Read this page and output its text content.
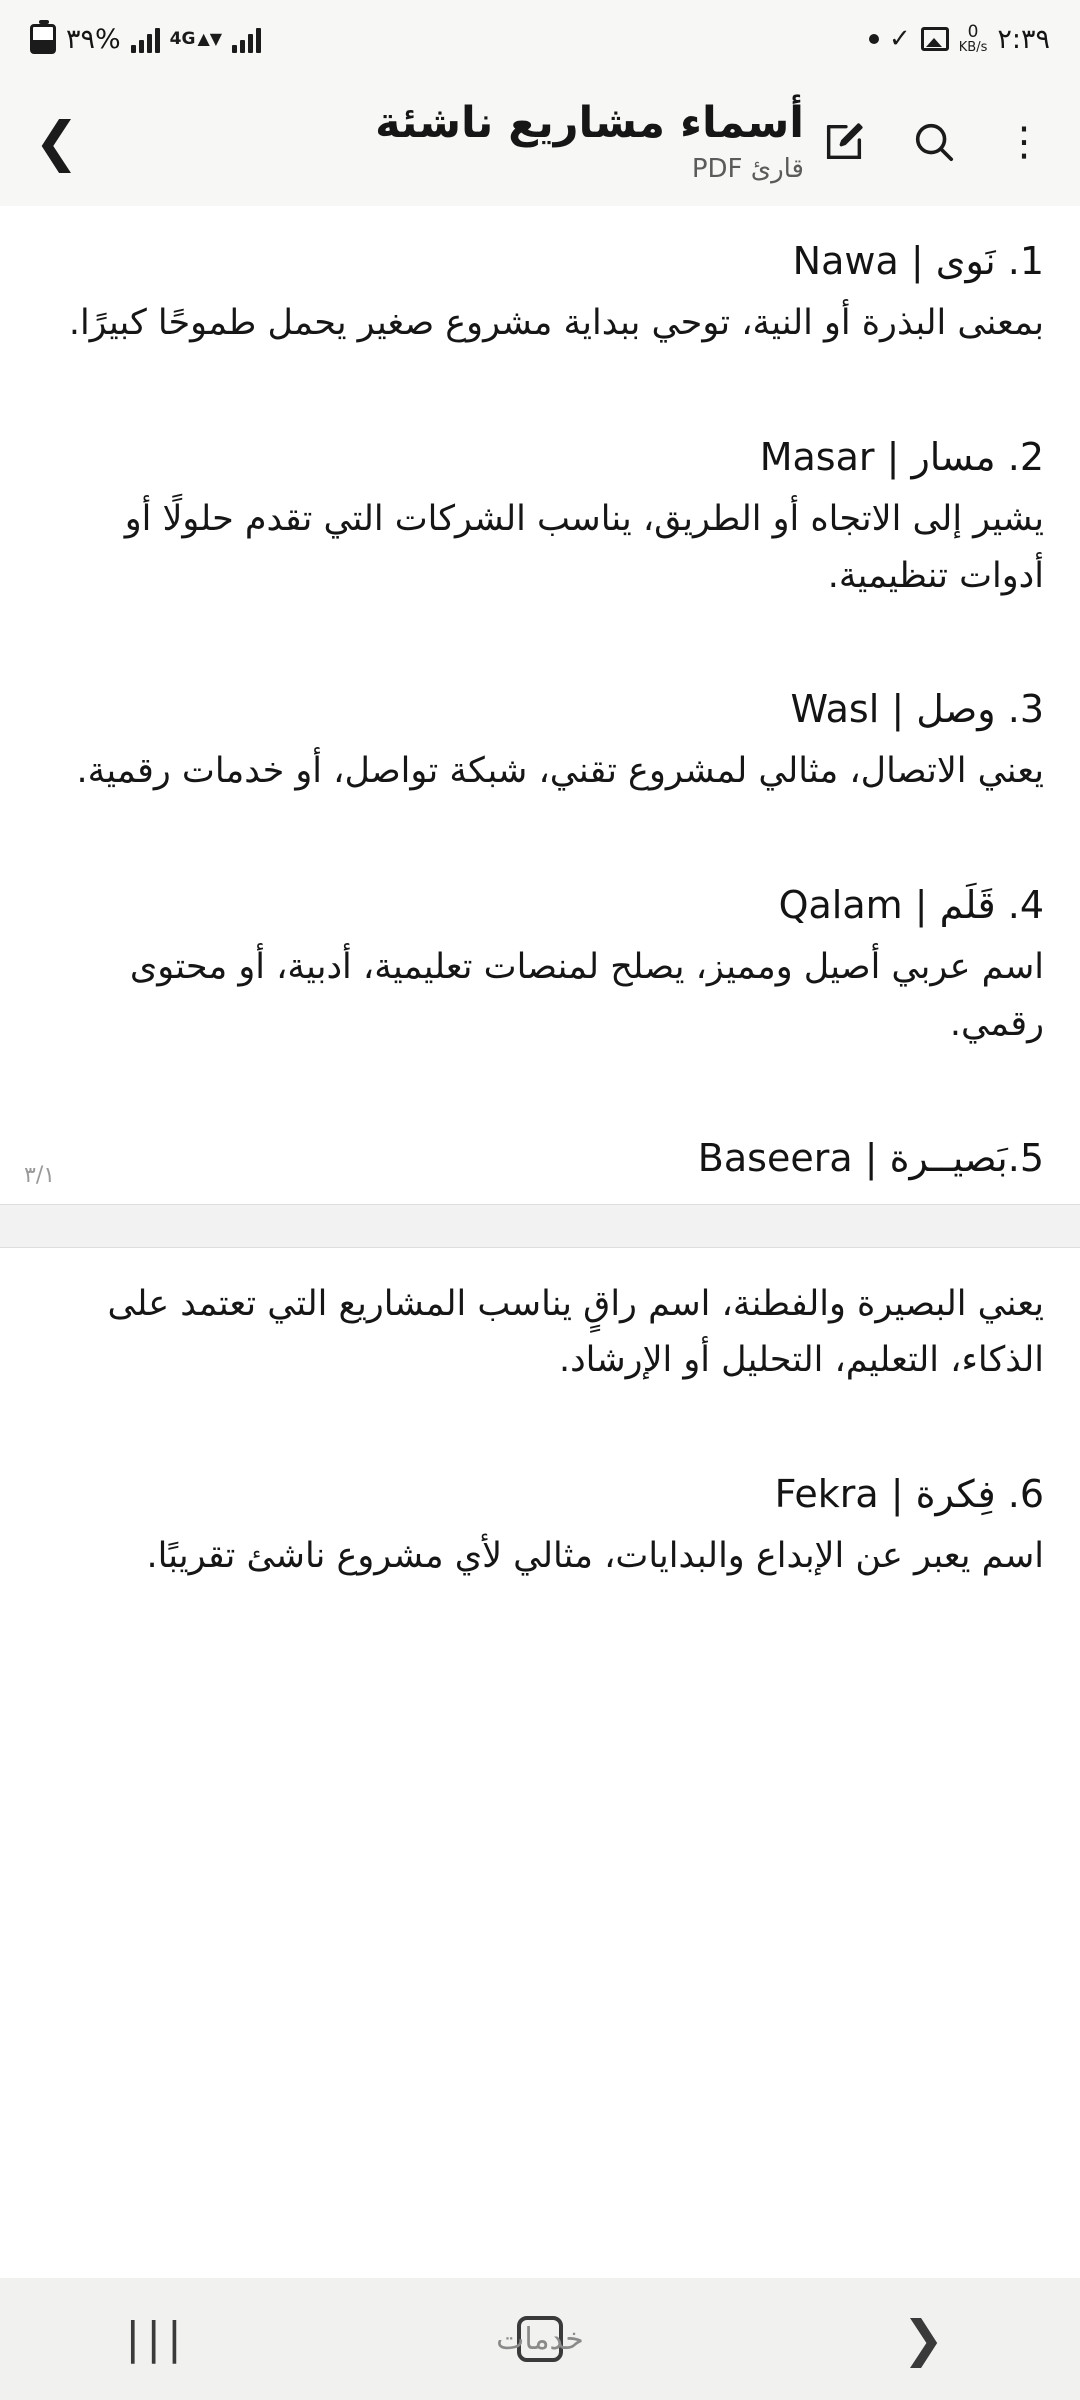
٣٩%	4G ▲▼	✓	0
KB/s ٢:٣٩
⋮
أسماء مشاريع ناشئة
قارئ PDF
❯
1. نَوى | Nawa
بمعنى البذرة أو النية، توحي ببداية مشروع صغير يحمل طموحًا كبيرًا.
2. مسار | Masar
يشير إلى الاتجاه أو الطريق، يناسب الشركات التي تقدم حلولًا أو أدوات تنظيمية.
3. وصل | Wasl
يعني الاتصال، مثالي لمشروع تقني، شبكة تواصل، أو خدمات رقمية.
4. قَلَم | Qalam
اسم عربي أصيل ومميز، يصلح لمنصات تعليمية، أدبية، أو محتوى رقمي.
5.بَصيــرة | Baseera
٣/١
يعني البصيرة والفطنة، اسم راقٍ يناسب المشاريع التي تعتمد على الذكاء، التعليم، التحليل أو الإرشاد.
6. فِكرة | Fekra
اسم يعبر عن الإبداع والبدايات، مثالي لأي مشروع ناشئ تقريبًا.
|||	خدمات	❯
